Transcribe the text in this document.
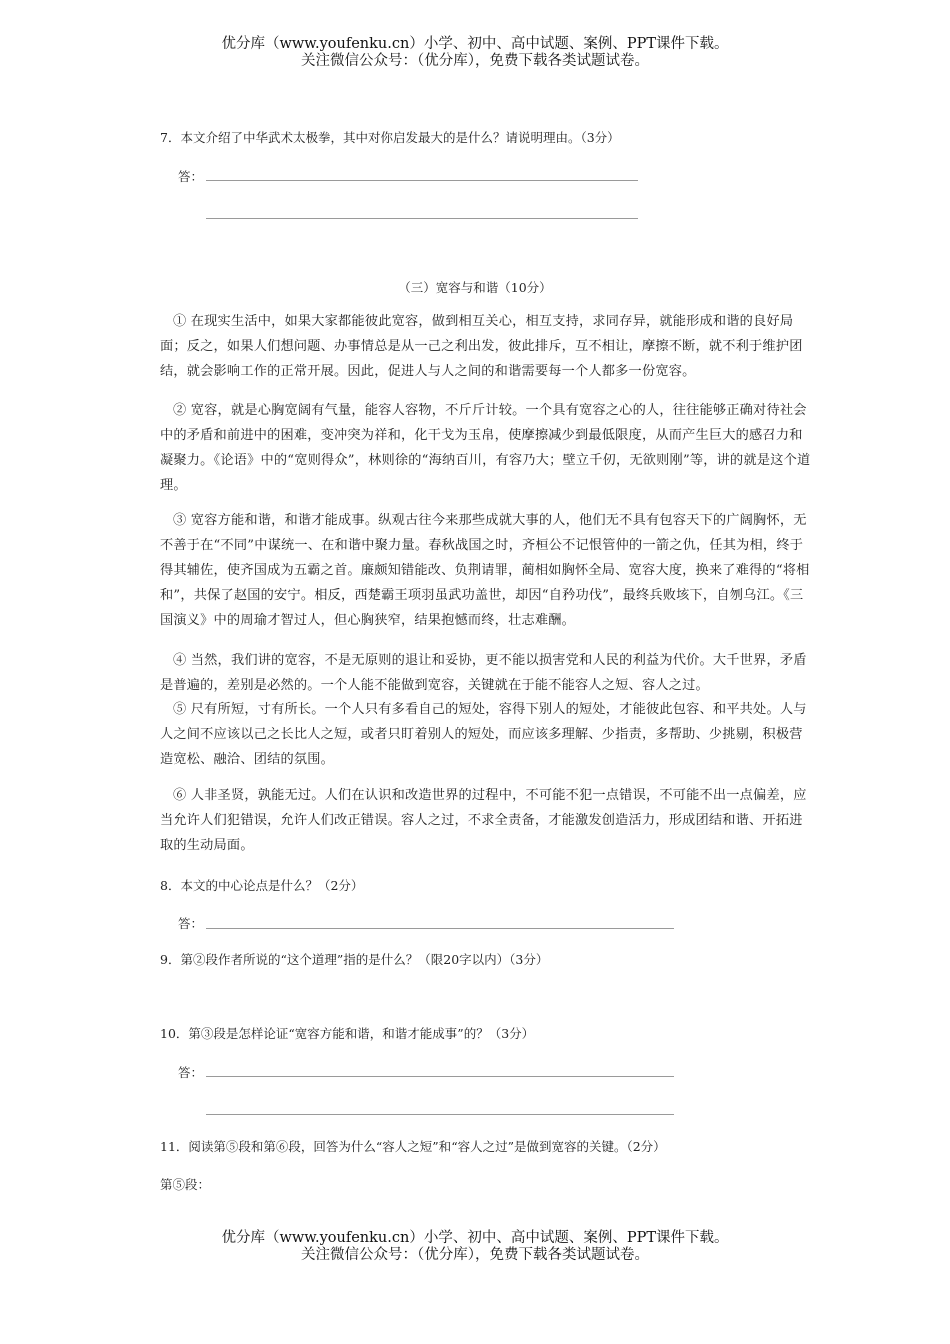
优分库（www.youfenku.cn）小学、初中、高中试题、案例、PPT课件下载。
关注微信公众号：（优分库），免费下载各类试题试卷。
7．本文介绍了中华武术太极拳，其中对你启发最大的是什么？请说明理由。（3分）
答：
（三）宽容与和谐（10分）

① 在现实生活中，如果大家都能彼此宽容，做到相互关心，相互支持，求同存异，就能形成和谐的良好局面；反之，如果人们想问题、办事情总是从一己之利出发，彼此排斥，互不相让，摩擦不断，就不利于维护团结，就会影响工作的正常开展。因此，促进人与人之间的和谐需要每一个人都多一份宽容。

② 宽容，就是心胸宽阔有气量，能容人容物，不斤斤计较。一个具有宽容之心的人，往往能够正确对待社会中的矛盾和前进中的困难，变冲突为祥和，化干戈为玉帛，使摩擦减少到最低限度，从而产生巨大的感召力和凝聚力。《论语》中的“宽则得众”，林则徐的“海纳百川，有容乃大；壁立千仞，无欲则刚”等，讲的就是这个道理。

③ 宽容方能和谐，和谐才能成事。纵观古往今来那些成就大事的人，他们无不具有包容天下的广阔胸怀，无不善于在“不同”中谋统一、在和谐中聚力量。春秋战国之时，齐桓公不记恨管仲的一箭之仇，任其为相，终于得其辅佐，使齐国成为五霸之首。廉颇知错能改、负荆请罪，蔺相如胸怀全局、宽容大度，换来了难得的“将相和”，共保了赵国的安宁。相反，西楚霸王项羽虽武功盖世，却因“自矜功伐”，最终兵败垓下，自刎乌江。《三国演义》中的周瑜才智过人，但心胸狭窄，结果抱憾而终，壮志难酬。

④ 当然，我们讲的宽容，不是无原则的退让和妥协，更不能以损害党和人民的利益为代价。大千世界，矛盾是普遍的，差别是必然的。一个人能不能做到宽容，关键就在于能不能容人之短、容人之过。

⑤ 尺有所短，寸有所长。一个人只有多看自己的短处，容得下别人的短处，才能彼此包容、和平共处。人与人之间不应该以己之长比人之短，或者只盯着别人的短处，而应该多理解、少指责，多帮助、少挑剔，积极营造宽松、融洽、团结的氛围。

⑥ 人非圣贤，孰能无过。人们在认识和改造世界的过程中，不可能不犯一点错误，不可能不出一点偏差，应当允许人们犯错误，允许人们改正错误。容人之过，不求全责备，才能激发创造活力，形成团结和谐、开拓进取的生动局面。

8．本文的中心论点是什么？（2分）
答：
9．第②段作者所说的“这个道理”指的是什么？（限20字以内）（3分）
10．第③段是怎样论证“宽容方能和谐，和谐才能成事”的？（3分）
答：
11．阅读第⑤段和第⑥段，回答为什么“容人之短”和“容人之过”是做到宽容的关键。（2分）
第⑤段：
优分库（www.youfenku.cn）小学、初中、高中试题、案例、PPT课件下载。
关注微信公众号：（优分库），免费下载各类试题试卷。
